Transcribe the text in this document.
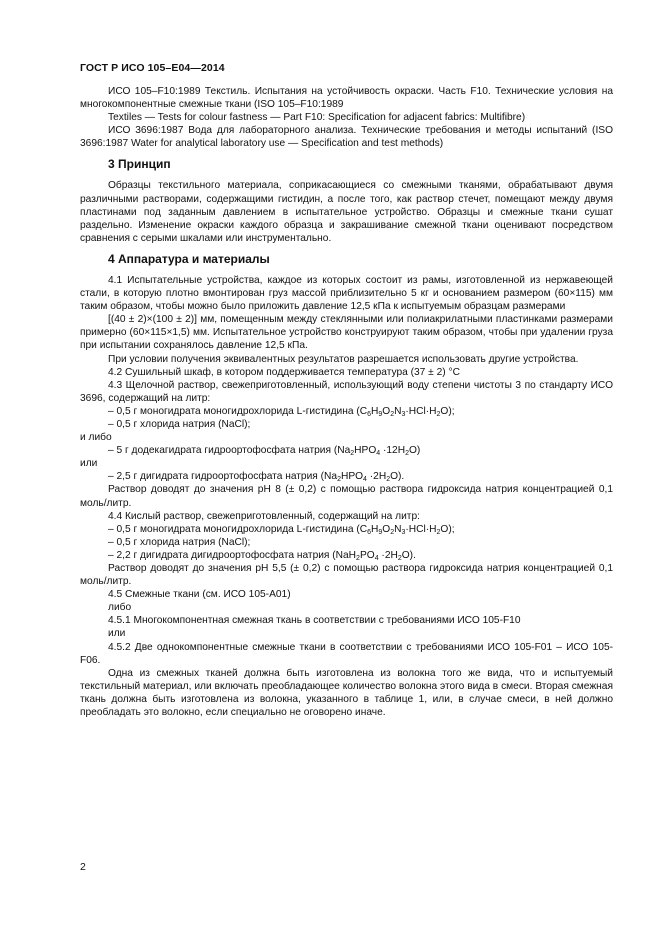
ГОСТ Р ИСО 105–Е04—2014

ИСО 105–F10:1989 Текстиль. Испытания на устойчивость окраски. Часть F10. Технические условия на многокомпонентные смежные ткани (ISO 105–F10:1989

Textiles — Tests for colour fastness — Part F10: Specification for adjacent fabrics: Multifibre)

ИСО 3696:1987 Вода для лабораторного анализа. Технические требования и методы испытаний (ISO 3696:1987 Water for analytical laboratory use — Specification and test methods)

3 Принцип

Образцы текстильного материала, соприкасающиеся со смежными тканями, обрабатывают двумя различными растворами, содержащими гистидин, а после того, как раствор стечет, помещают между двумя пластинами под заданным давлением в испытательное устройство. Образцы и смежные ткани сушат раздельно. Изменение окраски каждого образца и закрашивание смежной ткани оценивают посредством сравнения с серыми шкалами или инструментально.

4 Аппаратура и материалы

4.1 Испытательные устройства, каждое из которых состоит из рамы, изготовленной из нержавеющей стали, в которую плотно вмонтирован груз массой приблизительно 5 кг и основанием размером (60×115) мм таким образом, чтобы можно было приложить давление 12,5 кПа к испытуемым образцам размерами

[(40 ± 2)×(100 ± 2)] мм, помещенным между стеклянными или полиакрилатными пластинками размерами примерно (60×115×1,5) мм. Испытательное устройство конструируют таким образом, чтобы при удалении груза при испытании сохранялось давление 12,5 кПа.

При условии получения эквивалентных результатов разрешается использовать другие устройства.

4.2 Сушильный шкаф, в котором поддерживается температура (37 ± 2) °С

4.3 Щелочной раствор, свежеприготовленный, использующий воду степени чистоты 3 по стандарту ИСО 3696, содержащий на литр:

– 0,5 г моногидрата моногидрохлорида L-гистидина $(C_6H_9O_2N_3\cdot HCl\cdot H_2O)$;

– 0,5 г хлорида натрия (NaCl);

и либо

– 5 г додекагидрата гидроортофосфата натрия $(Na_2HPO_4 \cdot 12H_2O)$

или

– 2,5 г дигидрата гидроортофосфата натрия $(Na_2HPO_4 \cdot 2H_2O)$.

Раствор доводят до значения pH 8 (± 0,2) с помощью раствора гидроксида натрия концентрацией 0,1 моль/литр.

4.4 Кислый раствор, свежеприготовленный, содержащий на литр:

– 0,5 г моногидрата моногидрохлорида L-гистидина $(C_6H_9O_2N_3\cdot HCl\cdot H_2O)$;

– 0,5 г хлорида натрия (NaCl);

– 2,2 г дигидрата дигидроортофосфата натрия $(NaH_2PO_4 \cdot 2H_2O)$.

Раствор доводят до значения pH 5,5 (± 0,2) с помощью раствора гидроксида натрия концентрацией 0,1 моль/литр.

4.5 Смежные ткани (см. ИСО 105-А01)

либо

4.5.1 Многокомпонентная смежная ткань в соответствии с требованиями ИСО 105-F10

или

4.5.2 Две однокомпонентные смежные ткани в соответствии с требованиями ИСО 105-F01 – ИСО 105-F06.

Одна из смежных тканей должна быть изготовлена из волокна того же вида, что и испытуемый текстильный материал, или включать преобладающее количество волокна этого вида в смеси. Вторая смежная ткань должна быть изготовлена из волокна, указанного в таблице 1, или, в случае смеси, в ней должно преобладать это волокно, если специально не оговорено иначе.

2
